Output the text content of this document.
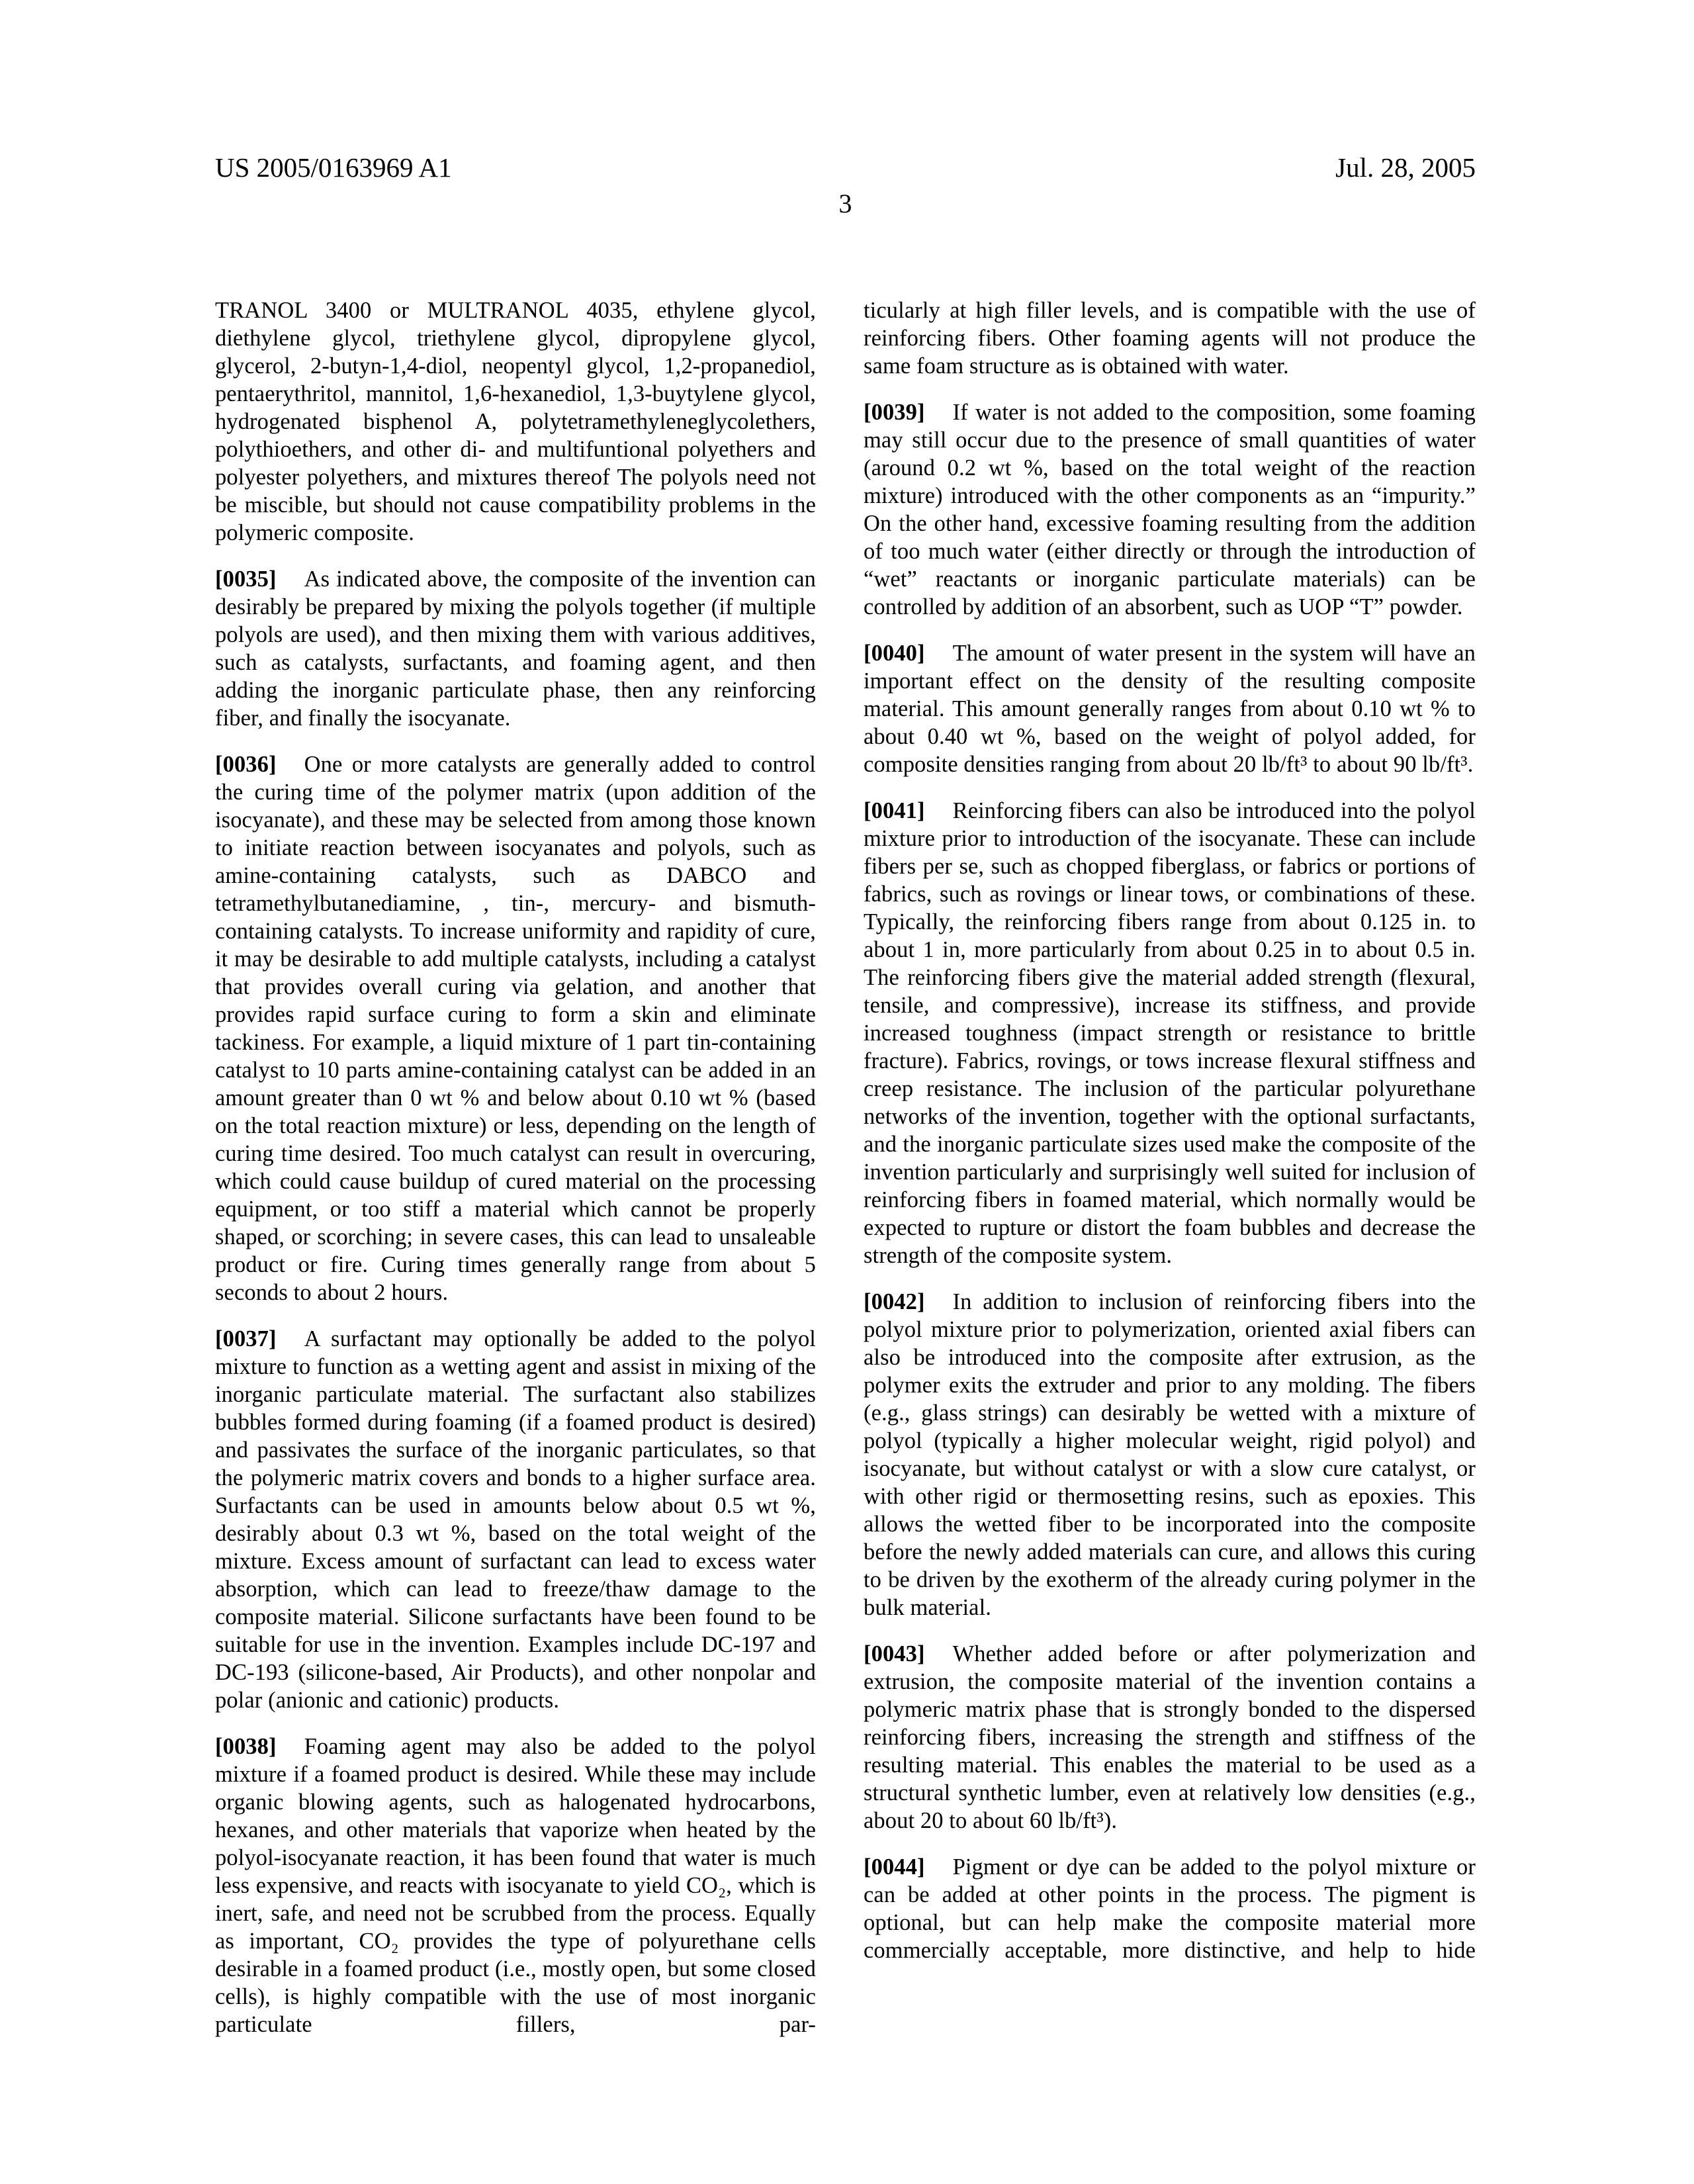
US 2005/0163969 A1	Jul. 28, 2005
3

TRANOL 3400 or MULTRANOL 4035, ethylene glycol, diethylene glycol, triethylene glycol, dipropylene glycol, glycerol, 2-butyn-1,4-diol, neopentyl glycol, 1,2-propanediol, pentaerythritol, mannitol, 1,6-hexanediol, 1,3-buytylene glycol, hydrogenated bisphenol A, polytetramethyleneglycolethers, polythioethers, and other di- and multifuntional polyethers and polyester polyethers, and mixtures thereof The polyols need not be miscible, but should not cause compatibility problems in the polymeric composite.

[0035] As indicated above, the composite of the invention can desirably be prepared by mixing the polyols together (if multiple polyols are used), and then mixing them with various additives, such as catalysts, surfactants, and foaming agent, and then adding the inorganic particulate phase, then any reinforcing fiber, and finally the isocyanate.

[0036] One or more catalysts are generally added to control the curing time of the polymer matrix (upon addition of the isocyanate), and these may be selected from among those known to initiate reaction between isocyanates and polyols, such as amine-containing catalysts, such as DABCO and tetramethylbutanediamine, , tin-, mercury- and bismuth-containing catalysts. To increase uniformity and rapidity of cure, it may be desirable to add multiple catalysts, including a catalyst that provides overall curing via gelation, and another that provides rapid surface curing to form a skin and eliminate tackiness. For example, a liquid mixture of 1 part tin-containing catalyst to 10 parts amine-containing catalyst can be added in an amount greater than 0 wt % and below about 0.10 wt % (based on the total reaction mixture) or less, depending on the length of curing time desired. Too much catalyst can result in overcuring, which could cause buildup of cured material on the processing equipment, or too stiff a material which cannot be properly shaped, or scorching; in severe cases, this can lead to unsaleable product or fire. Curing times generally range from about 5 seconds to about 2 hours.

[0037] A surfactant may optionally be added to the polyol mixture to function as a wetting agent and assist in mixing of the inorganic particulate material. The surfactant also stabilizes bubbles formed during foaming (if a foamed product is desired) and passivates the surface of the inorganic particulates, so that the polymeric matrix covers and bonds to a higher surface area. Surfactants can be used in amounts below about 0.5 wt %, desirably about 0.3 wt %, based on the total weight of the mixture. Excess amount of surfactant can lead to excess water absorption, which can lead to freeze/thaw damage to the composite material. Silicone surfactants have been found to be suitable for use in the invention. Examples include DC-197 and DC-193 (silicone-based, Air Products), and other nonpolar and polar (anionic and cationic) products.

[0038] Foaming agent may also be added to the polyol mixture if a foamed product is desired. While these may include organic blowing agents, such as halogenated hydrocarbons, hexanes, and other materials that vaporize when heated by the polyol-isocyanate reaction, it has been found that water is much less expensive, and reacts with isocyanate to yield CO₂, which is inert, safe, and need not be scrubbed from the process. Equally as important, CO₂ provides the type of polyurethane cells desirable in a foamed product (i.e., mostly open, but some closed cells), is highly compatible with the use of most inorganic particulate fillers, par-

ticularly at high filler levels, and is compatible with the use of reinforcing fibers. Other foaming agents will not produce the same foam structure as is obtained with water.

[0039] If water is not added to the composition, some foaming may still occur due to the presence of small quantities of water (around 0.2 wt %, based on the total weight of the reaction mixture) introduced with the other components as an “impurity.” On the other hand, excessive foaming resulting from the addition of too much water (either directly or through the introduction of “wet” reactants or inorganic particulate materials) can be controlled by addition of an absorbent, such as UOP “T” powder.

[0040] The amount of water present in the system will have an important effect on the density of the resulting composite material. This amount generally ranges from about 0.10 wt % to about 0.40 wt %, based on the weight of polyol added, for composite densities ranging from about 20 lb/ft³ to about 90 lb/ft³.

[0041] Reinforcing fibers can also be introduced into the polyol mixture prior to introduction of the isocyanate. These can include fibers per se, such as chopped fiberglass, or fabrics or portions of fabrics, such as rovings or linear tows, or combinations of these. Typically, the reinforcing fibers range from about 0.125 in. to about 1 in, more particularly from about 0.25 in to about 0.5 in. The reinforcing fibers give the material added strength (flexural, tensile, and compressive), increase its stiffness, and provide increased toughness (impact strength or resistance to brittle fracture). Fabrics, rovings, or tows increase flexural stiffness and creep resistance. The inclusion of the particular polyurethane networks of the invention, together with the optional surfactants, and the inorganic particulate sizes used make the composite of the invention particularly and surprisingly well suited for inclusion of reinforcing fibers in foamed material, which normally would be expected to rupture or distort the foam bubbles and decrease the strength of the composite system.

[0042] In addition to inclusion of reinforcing fibers into the polyol mixture prior to polymerization, oriented axial fibers can also be introduced into the composite after extrusion, as the polymer exits the extruder and prior to any molding. The fibers (e.g., glass strings) can desirably be wetted with a mixture of polyol (typically a higher molecular weight, rigid polyol) and isocyanate, but without catalyst or with a slow cure catalyst, or with other rigid or thermosetting resins, such as epoxies. This allows the wetted fiber to be incorporated into the composite before the newly added materials can cure, and allows this curing to be driven by the exotherm of the already curing polymer in the bulk material.

[0043] Whether added before or after polymerization and extrusion, the composite material of the invention contains a polymeric matrix phase that is strongly bonded to the dispersed reinforcing fibers, increasing the strength and stiffness of the resulting material. This enables the material to be used as a structural synthetic lumber, even at relatively low densities (e.g., about 20 to about 60 lb/ft³).

[0044] Pigment or dye can be added to the polyol mixture or can be added at other points in the process. The pigment is optional, but can help make the composite material more commercially acceptable, more distinctive, and help to hide
